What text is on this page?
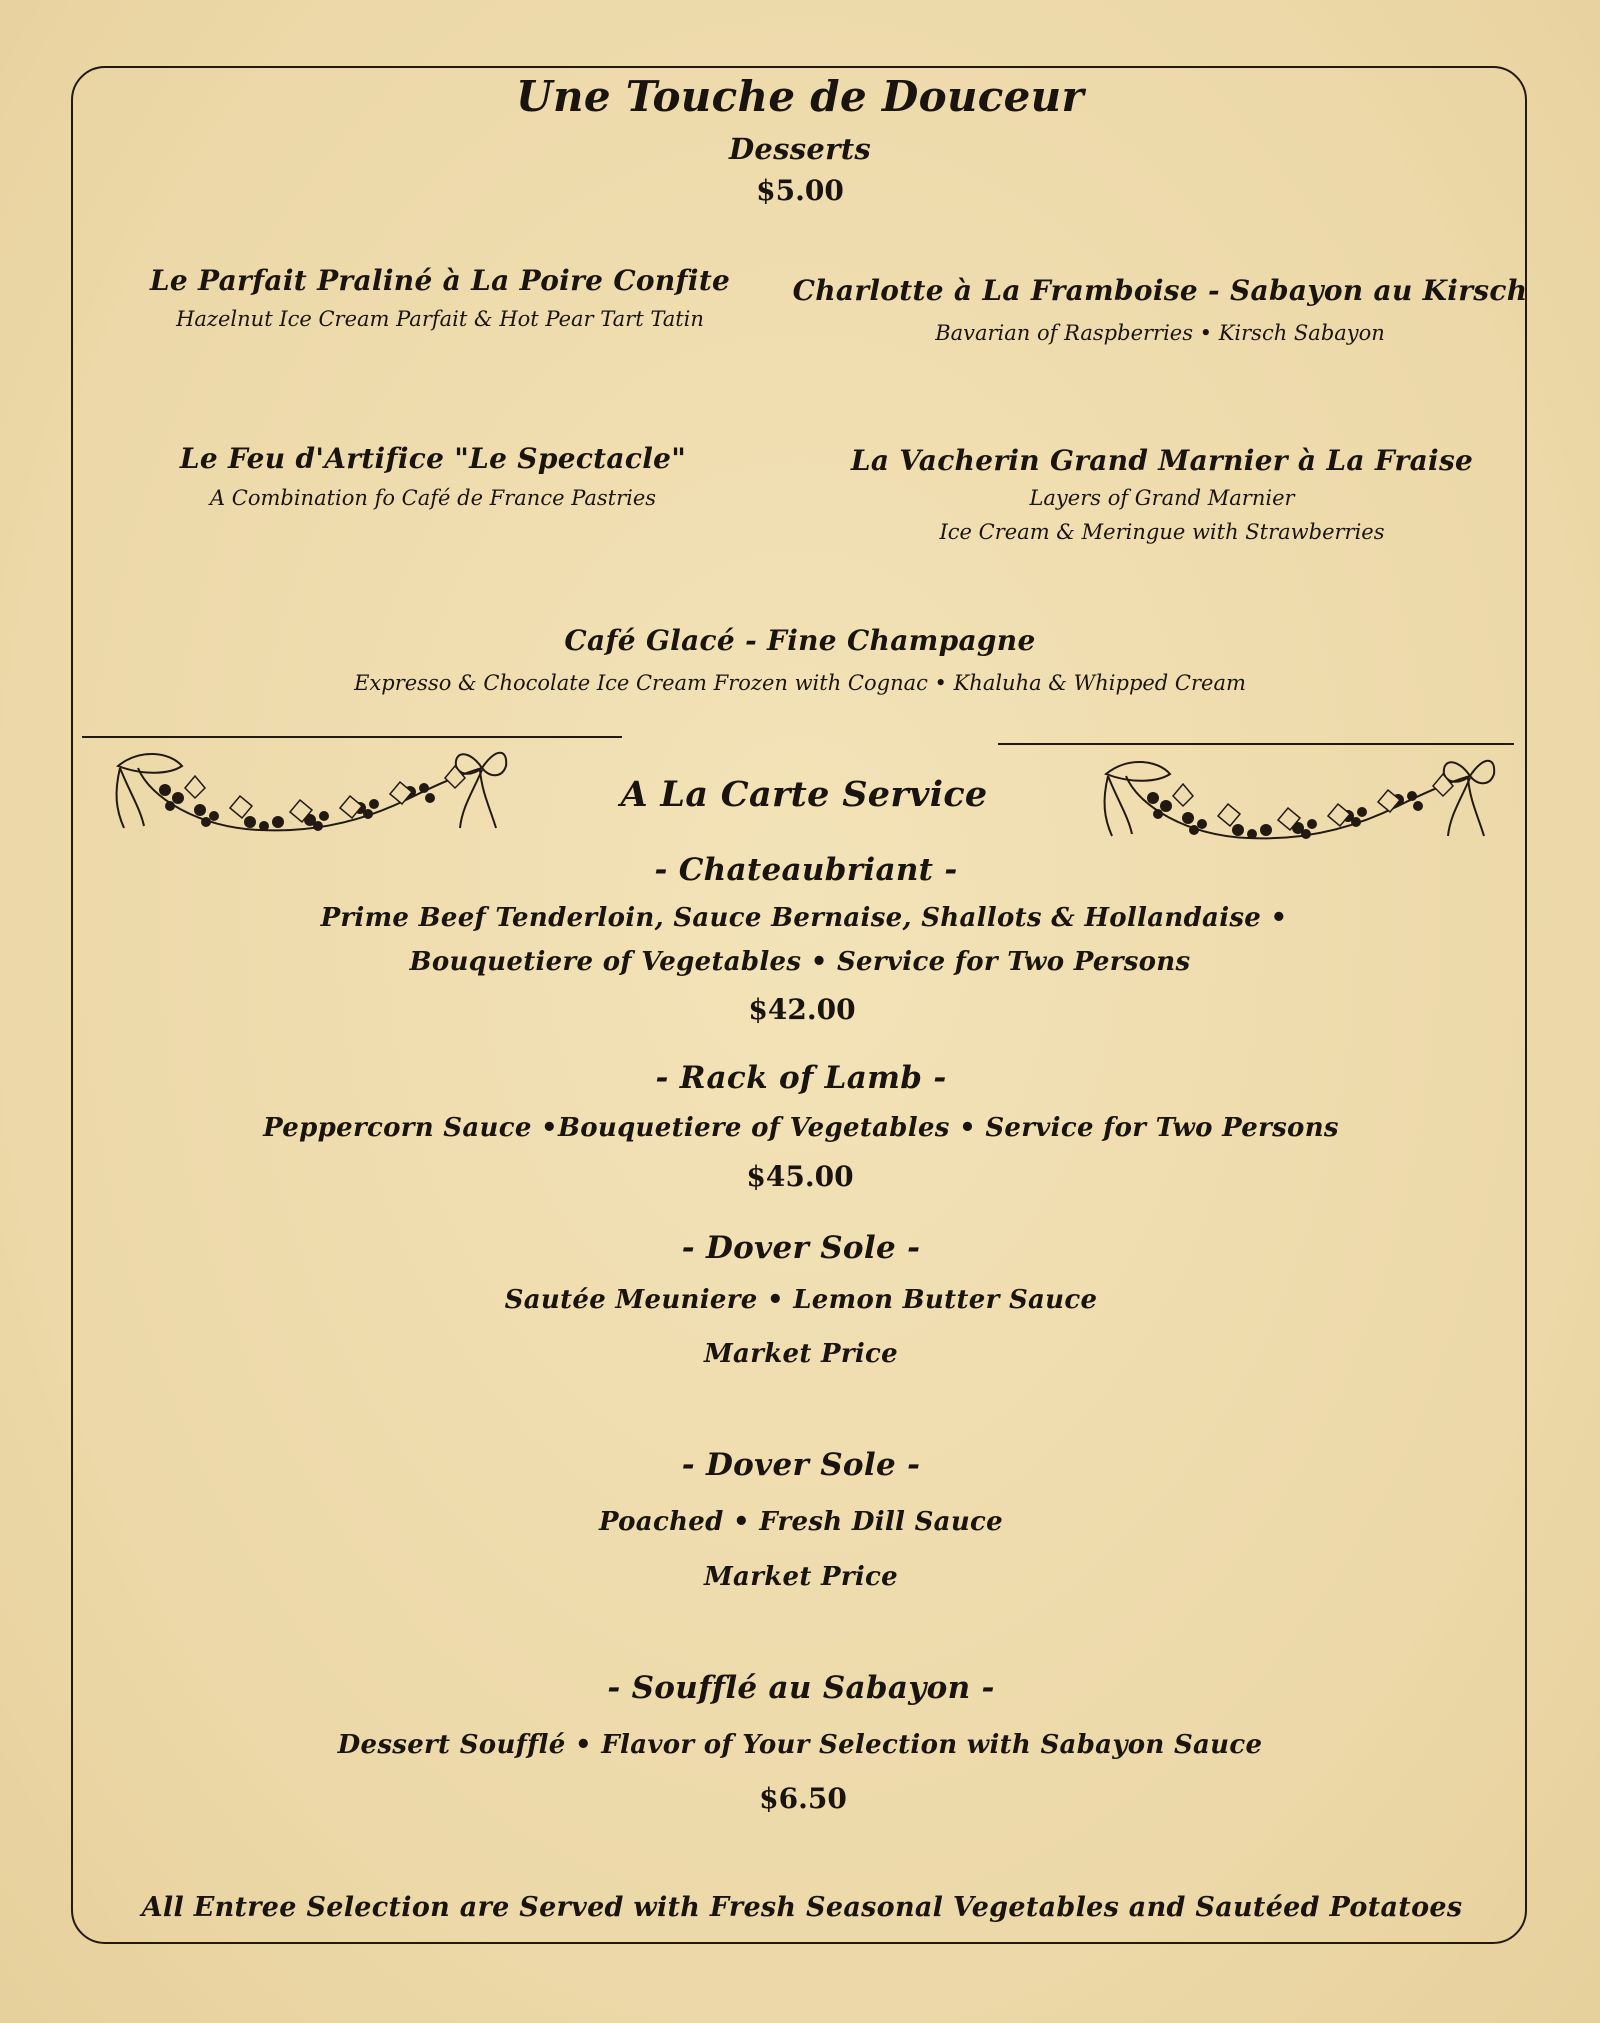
Une Touche de Douceur
Desserts
$5.00
Le Parfait Praliné à La Poire Confite
Hazelnut Ice Cream Parfait & Hot Pear Tart Tatin
Charlotte à La Framboise - Sabayon au Kirsch
Bavarian of Raspberries • Kirsch Sabayon
Le Feu d'Artifice "Le Spectacle"
A Combination fo Café de France Pastries
La Vacherin Grand Marnier à La Fraise
Layers of Grand Marnier
Ice Cream & Meringue with Strawberries
Café Glacé - Fine Champagne
Expresso & Chocolate Ice Cream Frozen with Cognac • Khaluha & Whipped Cream
A La Carte Service
- Chateaubriant -
Prime Beef Tenderloin, Sauce Bernaise, Shallots & Hollandaise •
Bouquetiere of Vegetables • Service for Two Persons
$42.00
- Rack of Lamb -
Peppercorn Sauce •Bouquetiere of Vegetables • Service for Two Persons
$45.00
- Dover Sole -
Sautée Meuniere • Lemon Butter Sauce
Market Price
- Dover Sole -
Poached • Fresh Dill Sauce
Market Price
- Soufflé au Sabayon -
Dessert Soufflé • Flavor of Your Selection with Sabayon Sauce
$6.50
All Entree Selection are Served with Fresh Seasonal Vegetables and Sautéed Potatoes
